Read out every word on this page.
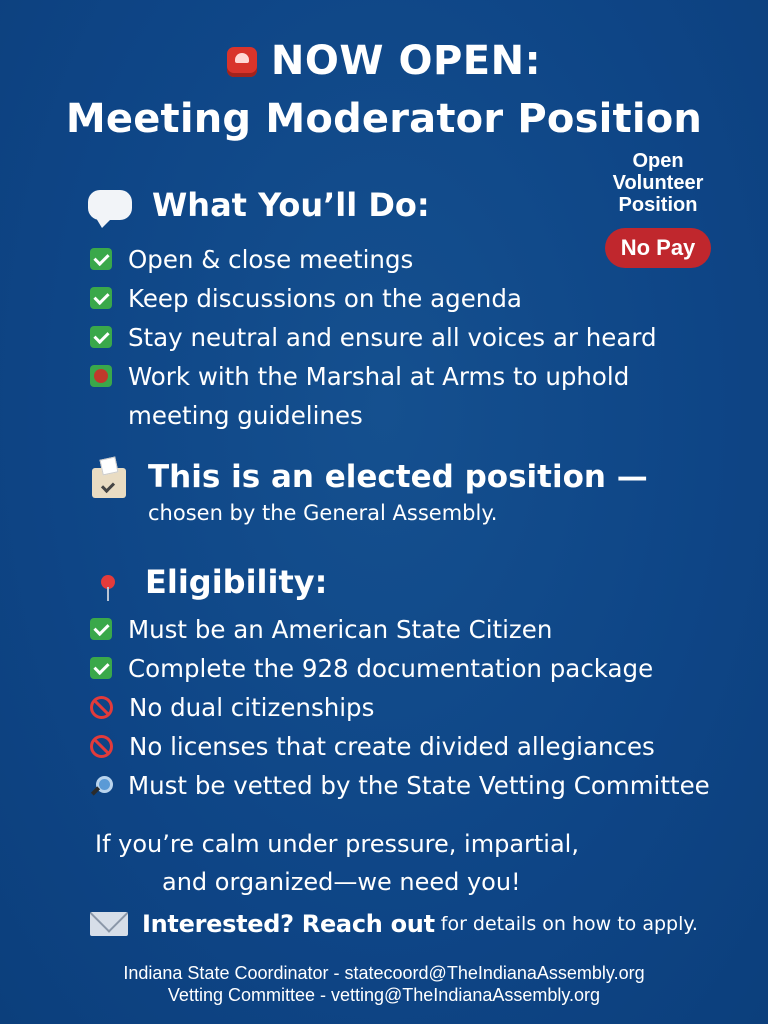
NOW OPEN:
Meeting Moderator Position
Open
Volunteer
Position
No Pay
What You’ll Do:
Open & close meetings
Keep discussions on the agenda
Stay neutral and ensure all voices ar heard
Work with the Marshal at Arms to uphold
meeting guidelines
This is an elected position —
chosen by the General Assembly.
Eligibility:
Must be an American State Citizen
Complete the 928 documentation package
No dual citizenships
No licenses that create divided allegiances
Must be vetted by the State Vetting Committee
If you’re calm under pressure, impartial,
and organized—we need you!
Interested? Reach out for details on how to apply.
Indiana State Coordinator - statecoord@TheIndianaAssembly.org
Vetting Committee - vetting@TheIndianaAssembly.org
